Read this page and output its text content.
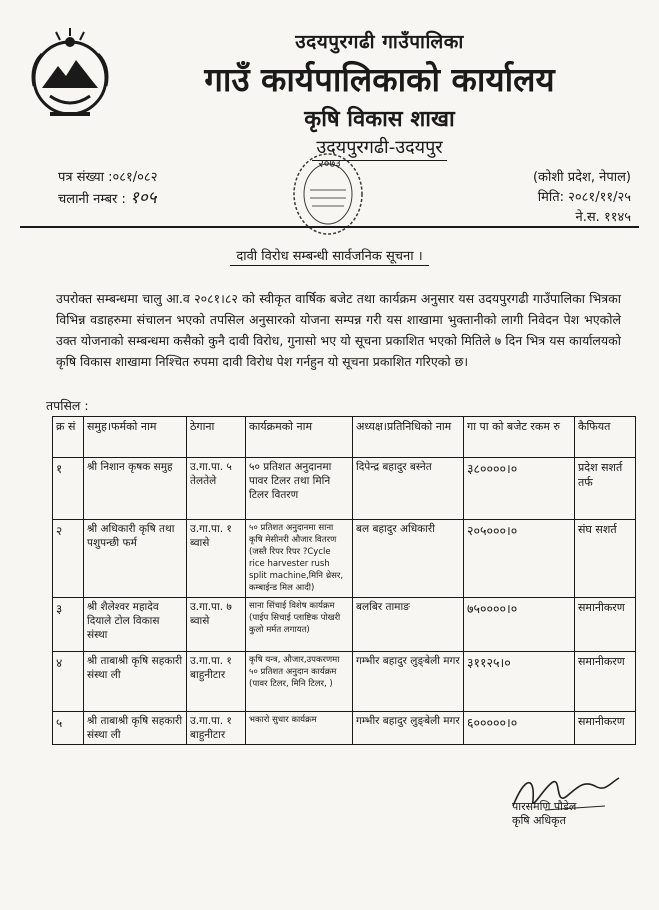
उदयपुरगढी गाउँपालिका
गाउँ कार्यपालिकाको कार्यालय
कृषि विकास शाखा
उदयपुरगढी-उदयपुर
२०७३
पत्र संख्या :०८१/०८२
चलानी नम्बर : १०५
(कोशी प्रदेश, नेपाल)
मिति: २०८१/११/२५
ने.स. ११४५
दावी विरोध सम्बन्धी सार्वजनिक सूचना ।
उपरोक्त सम्बन्धमा चालु आ.व २०८१।८२ को स्वीकृत वार्षिक बजेट तथा कार्यक्रम अनुसार यस उदयपुरगढी गाउँपालिका भित्रका विभिन्न वडाहरुमा संचालन भएको तपसिल अनुसारको योजना सम्पन्न गरी यस शाखामा भुक्तानीको लागी निवेदन पेश भएकोले उक्त योजनाको सम्बन्धमा कसैको कुनै दावी विरोध, गुनासो भए यो सूचना प्रकाशित भएको मितिले ७ दिन भित्र यस कार्यालयको कृषि विकास शाखामा निश्चित रुपमा दावी विरोध पेश गर्नहुन यो सूचना प्रकाशित गरिएको छ।
तपसिल :
क्र सं	समुह।फर्मको नाम	ठेगाना	कार्यक्रमको नाम	अध्यक्ष।प्रतिनिधिको नाम	गा पा को बजेट रकम रु	कैफियत
१	श्री निशान कृषक समुह	उ.गा.पा. ५ तेलतेले	५० प्रतिशत अनुदानमा पावर टिलर तथा मिनि टिलर वितरण	दिपेन्द्र बहादुर बस्नेत	३८००००।०	प्रदेश सशर्त तर्फ
२	श्री अधिकारी कृषि तथा पशुपन्छी फर्म	उ.गा.पा. १ ब्वासे	५० प्रतिशत अनुदानमा साना कृषि मेसीनरी औजार वितरण (जस्तै रिपर रिपर ?Cycle rice harvester rush split machine,मिनि थ्रेसर, कम्बाईन्ड मिल आदी)	बल बहादुर अधिकारी	२०५०००।०	संघ सशर्त
३	श्री शैलेश्वर महादेव दियाले टोल विकास संस्था	उ.गा.पा. ७ ब्वासे	साना सिंचाई विशेष कार्यक्रम (पाईप सिचाई प्लाष्टिक पोखरी कुलो मर्मत लगायत)	बलबिर तामाङ	७५००००।०	समानीकरण
४	श्री ताबाश्री कृषि सहकारी संस्था ली	उ.गा.पा. १ बाहुनीटार	कृषि यन्त्र, औजार,उपकरणमा ५० प्रतिशत अनुदान कार्यक्रम (पावर टिलर, मिनि टिलर, )	गम्भीर बहादुर लुङ्बेली मगर	३११२५।०	समानीकरण
५	श्री ताबाश्री कृषि सहकारी संस्था ली	उ.गा.पा. १ बाहुनीटार	भकारो सुधार कार्यक्रम	गम्भीर बहादुर लुङ्बेली मगर	६०००००।०	समानीकरण
पारसमणि पौडेल
कृषि अधिकृत
